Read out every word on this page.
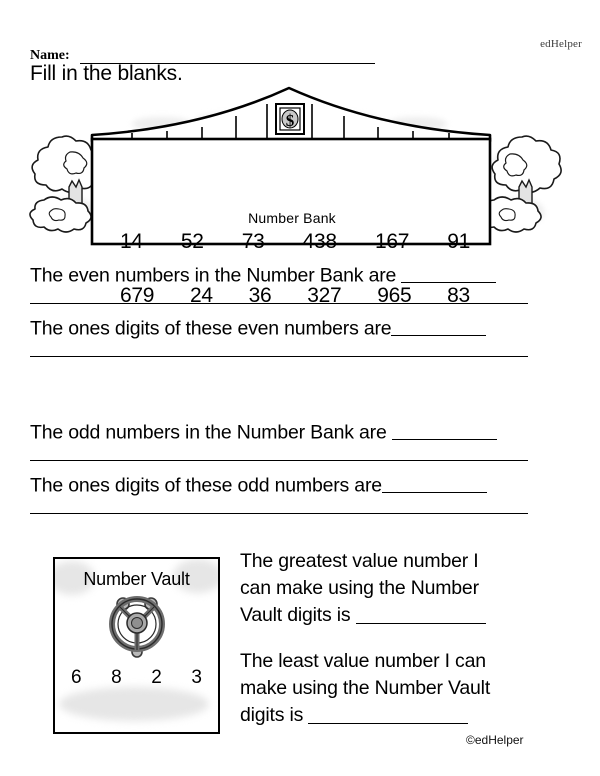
edHelper
Name:
Fill in the blanks.
$
Number Bank
14 52 73 438 167 91
679 24 36 327 965 83
The even numbers in the Number Bank are
The ones digits of these even numbers are
The odd numbers in the Number Bank are
The ones digits of these odd numbers are
Number Vault
6 8 2 3
The greatest value number I
can make using the Number
Vault digits is
The least value number I can
make using the Number Vault
digits is
©edHelper
